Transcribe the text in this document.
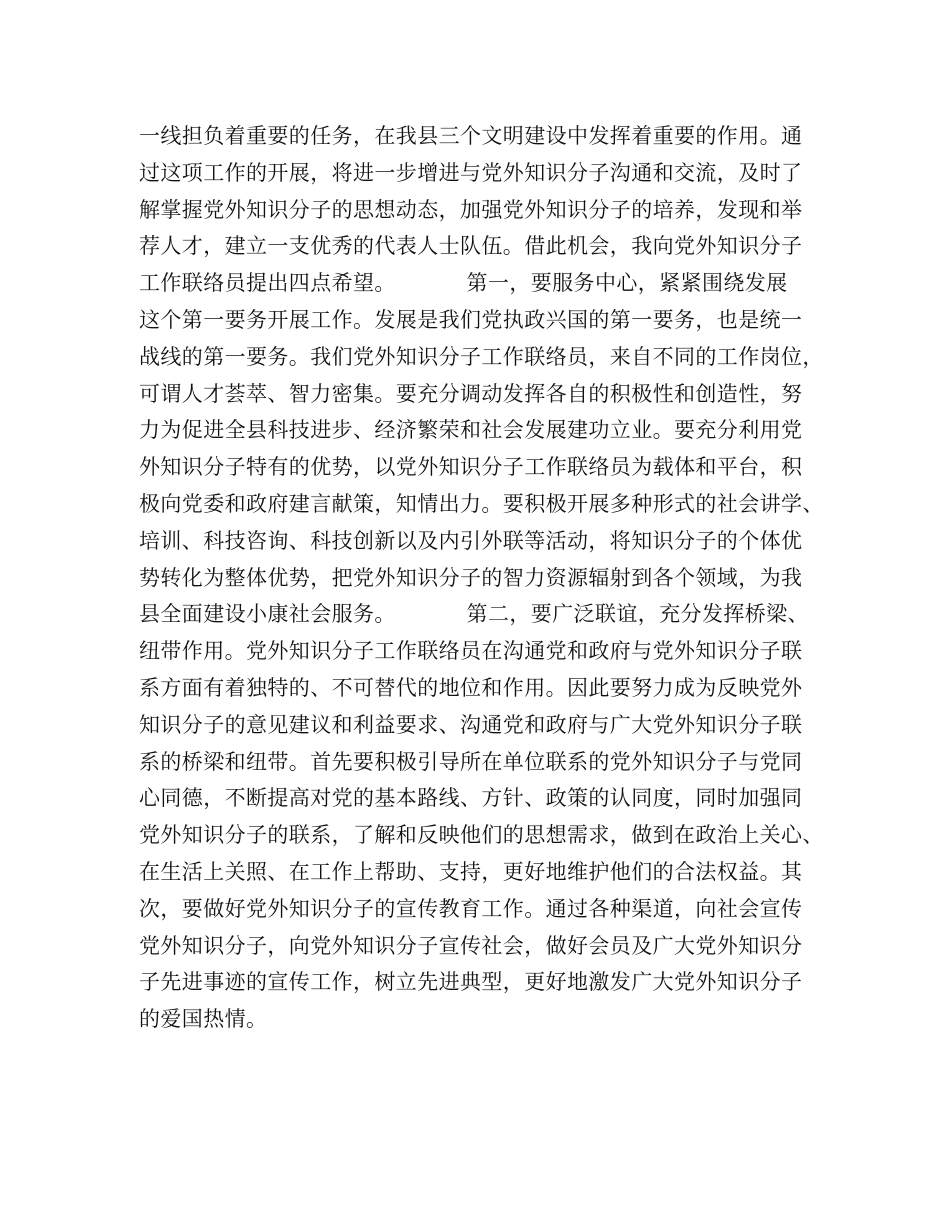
一线担负着重要的任务，在我县三个文明建设中发挥着重要的作用。通
过这项工作的开展，将进一步增进与党外知识分子沟通和交流，及时了
解掌握党外知识分子的思想动态，加强党外知识分子的培养，发现和举
荐人才，建立一支优秀的代表人士队伍。借此机会，我向党外知识分子
工作联络员提出四点希望。          第一，要服务中心，紧紧围绕发展
这个第一要务开展工作。发展是我们党执政兴国的第一要务，也是统一
战线的第一要务。我们党外知识分子工作联络员，来自不同的工作岗位，
可谓人才荟萃、智力密集。要充分调动发挥各自的积极性和创造性，努
力为促进全县科技进步、经济繁荣和社会发展建功立业。要充分利用党
外知识分子特有的优势，以党外知识分子工作联络员为载体和平台，积
极向党委和政府建言献策，知情出力。要积极开展多种形式的社会讲学、
培训、科技咨询、科技创新以及内引外联等活动，将知识分子的个体优
势转化为整体优势，把党外知识分子的智力资源辐射到各个领域，为我
县全面建设小康社会服务。          第二，要广泛联谊，充分发挥桥梁、
纽带作用。党外知识分子工作联络员在沟通党和政府与党外知识分子联
系方面有着独特的、不可替代的地位和作用。因此要努力成为反映党外
知识分子的意见建议和利益要求、沟通党和政府与广大党外知识分子联
系的桥梁和纽带。首先要积极引导所在单位联系的党外知识分子与党同
心同德，不断提高对党的基本路线、方针、政策的认同度，同时加强同
党外知识分子的联系，了解和反映他们的思想需求，做到在政治上关心、
在生活上关照、在工作上帮助、支持，更好地维护他们的合法权益。其
次，要做好党外知识分子的宣传教育工作。通过各种渠道，向社会宣传
党外知识分子，向党外知识分子宣传社会，做好会员及广大党外知识分
子先进事迹的宣传工作，树立先进典型，更好地激发广大党外知识分子
的爱国热情。
